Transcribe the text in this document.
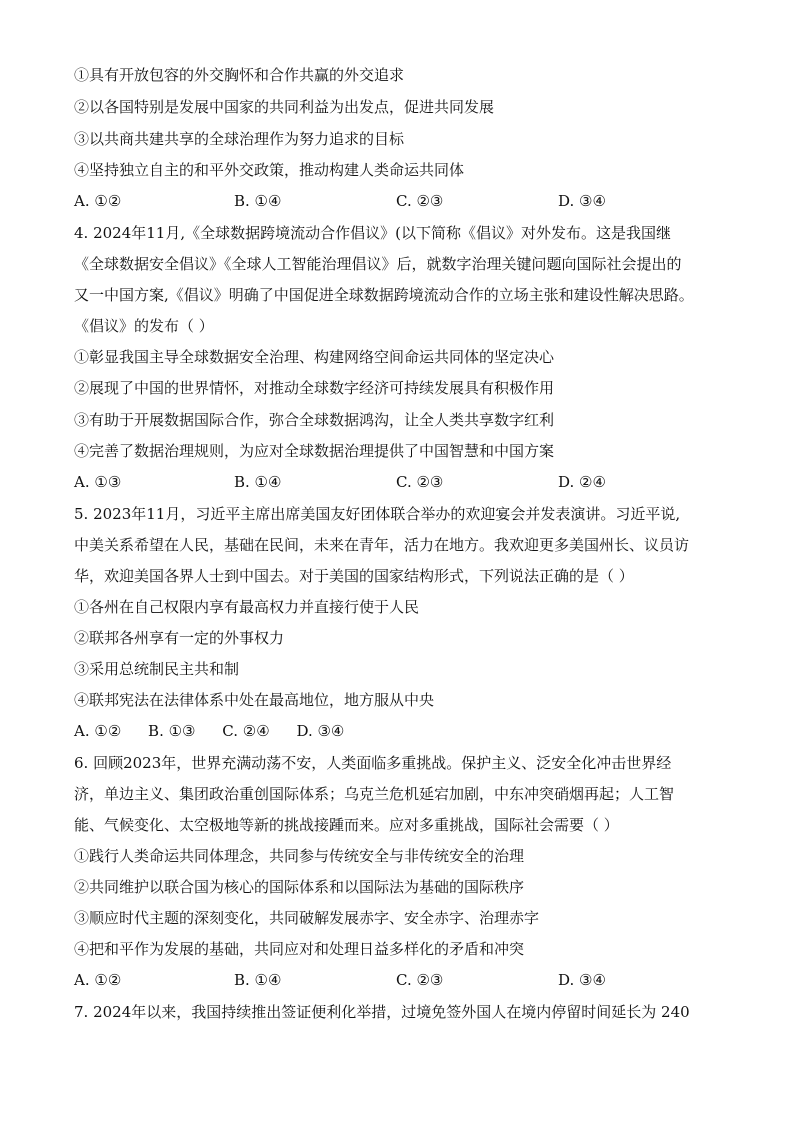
①具有开放包容的外交胸怀和合作共赢的外交追求
②以各国特别是发展中国家的共同利益为出发点，促进共同发展
③以共商共建共享的全球治理作为努力追求的目标
④坚持独立自主的和平外交政策，推动构建人类命运共同体
A. ①②	B. ①④	C. ②③	D. ③④
4. 2024年11月,《全球数据跨境流动合作倡议》(以下简称《倡议》对外发布。这是我国继
《全球数据安全倡议》《全球人工智能治理倡议》后，就数字治理关键问题向国际社会提出的
又一中国方案,《倡议》明确了中国促进全球数据跨境流动合作的立场主张和建设性解决思路。
《倡议》的发布（ ）
①彰显我国主导全球数据安全治理、构建网络空间命运共同体的坚定决心
②展现了中国的世界情怀，对推动全球数字经济可持续发展具有积极作用
③有助于开展数据国际合作，弥合全球数据鸿沟，让全人类共享数字红利
④完善了数据治理规则，为应对全球数据治理提供了中国智慧和中国方案
A. ①③	B. ①④	C. ②③	D. ②④
5. 2023年11月，习近平主席出席美国友好团体联合举办的欢迎宴会并发表演讲。习近平说,
中美关系希望在人民，基础在民间，未来在青年，活力在地方。我欢迎更多美国州长、议员访
华，欢迎美国各界人士到中国去。对于美国的国家结构形式，下列说法正确的是（ ）
①各州在自己权限内享有最高权力并直接行使于人民
②联邦各州享有一定的外事权力
③采用总统制民主共和制
④联邦宪法在法律体系中处在最高地位，地方服从中央
A. ①② B. ①③ C. ②④ D. ③④
6. 回顾2023年，世界充满动荡不安，人类面临多重挑战。保护主义、泛安全化冲击世界经
济，单边主义、集团政治重创国际体系；乌克兰危机延宕加剧，中东冲突硝烟再起；人工智
能、气候变化、太空极地等新的挑战接踵而来。应对多重挑战，国际社会需要（ ）
①践行人类命运共同体理念，共同参与传统安全与非传统安全的治理
②共同维护以联合国为核心的国际体系和以国际法为基础的国际秩序
③顺应时代主题的深刻变化，共同破解发展赤字、安全赤字、治理赤字
④把和平作为发展的基础，共同应对和处理日益多样化的矛盾和冲突
A. ①②	B. ①④	C. ②③	D. ③④
7. 2024年以来，我国持续推出签证便利化举措，过境免签外国人在境内停留时间延长为 240
